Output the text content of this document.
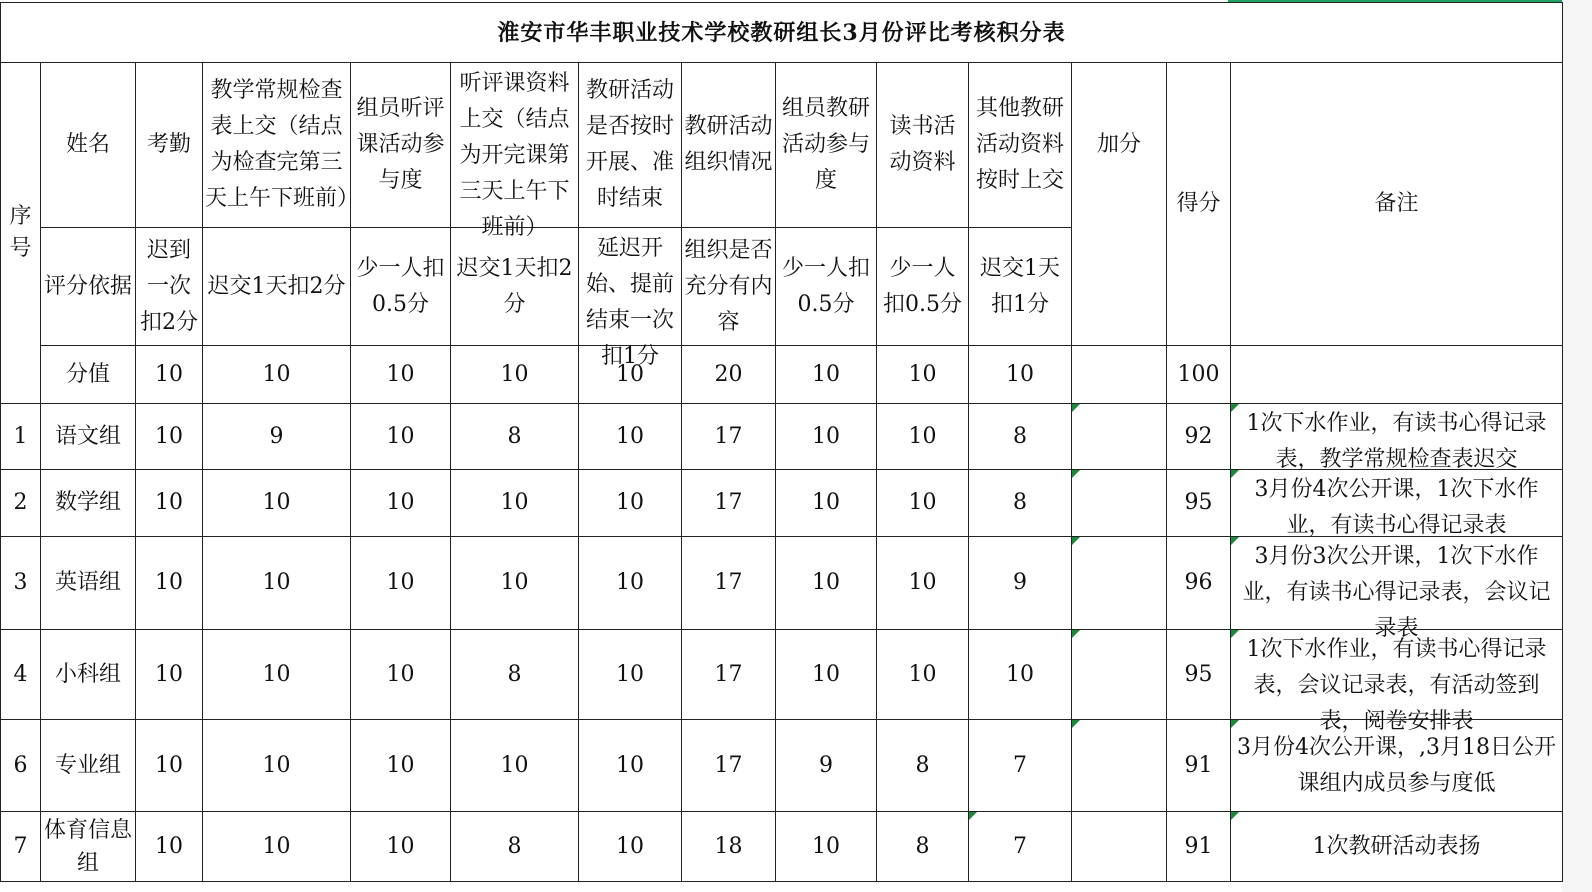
淮安市华丰职业技术学校教研组长3月份评比考核积分表													
序号	姓名	考勤	教学常规检查表上交（结点为检查完第三天上午下班前）	组员听评课活动参与度	听评课资料上交（结点为开完课第三天上午下班前）	教研活动是否按时开展、准时结束	教研活动组织情况	组员教研活动参与度	读书活动资料	其他教研活动资料按时上交	加分	得分	备注

	评分依据	迟到一次扣2分	迟交1天扣2分	少一人扣0.5分	迟交1天扣2分	延迟开始、提前结束一次扣1分	组织是否充分有内容	少一人扣0.5分	少一人扣0.5分	迟交1天扣1分			

	分值	10	10	10	10	10	20	10	10	10		100	
1	语文组	10	9	10	8	10	17	10	10	8		92	1次下水作业，有读书心得记录表，教学常规检查表迟交

2	数学组	10	10	10	10	10	17	10	10	8		95	3月份4次公开课，1次下水作业，有读书心得记录表

3	英语组	10	10	10	10	10	17	10	10	9		96	3月份3次公开课，1次下水作业，有读书心得记录表，会议记录表

4	小科组	10	10	10	8	10	17	10	10	10		95	1次下水作业，有读书心得记录表，会议记录表，有活动签到表，阅卷安排表

6	专业组	10	10	10	10	10	17	9	8	7		91	3月份4次公开课，,3月18日公开课组内成员参与度低

7	体育信息组	10	10	10	8	10	18	10	8	7		91	1次教研活动表扬
